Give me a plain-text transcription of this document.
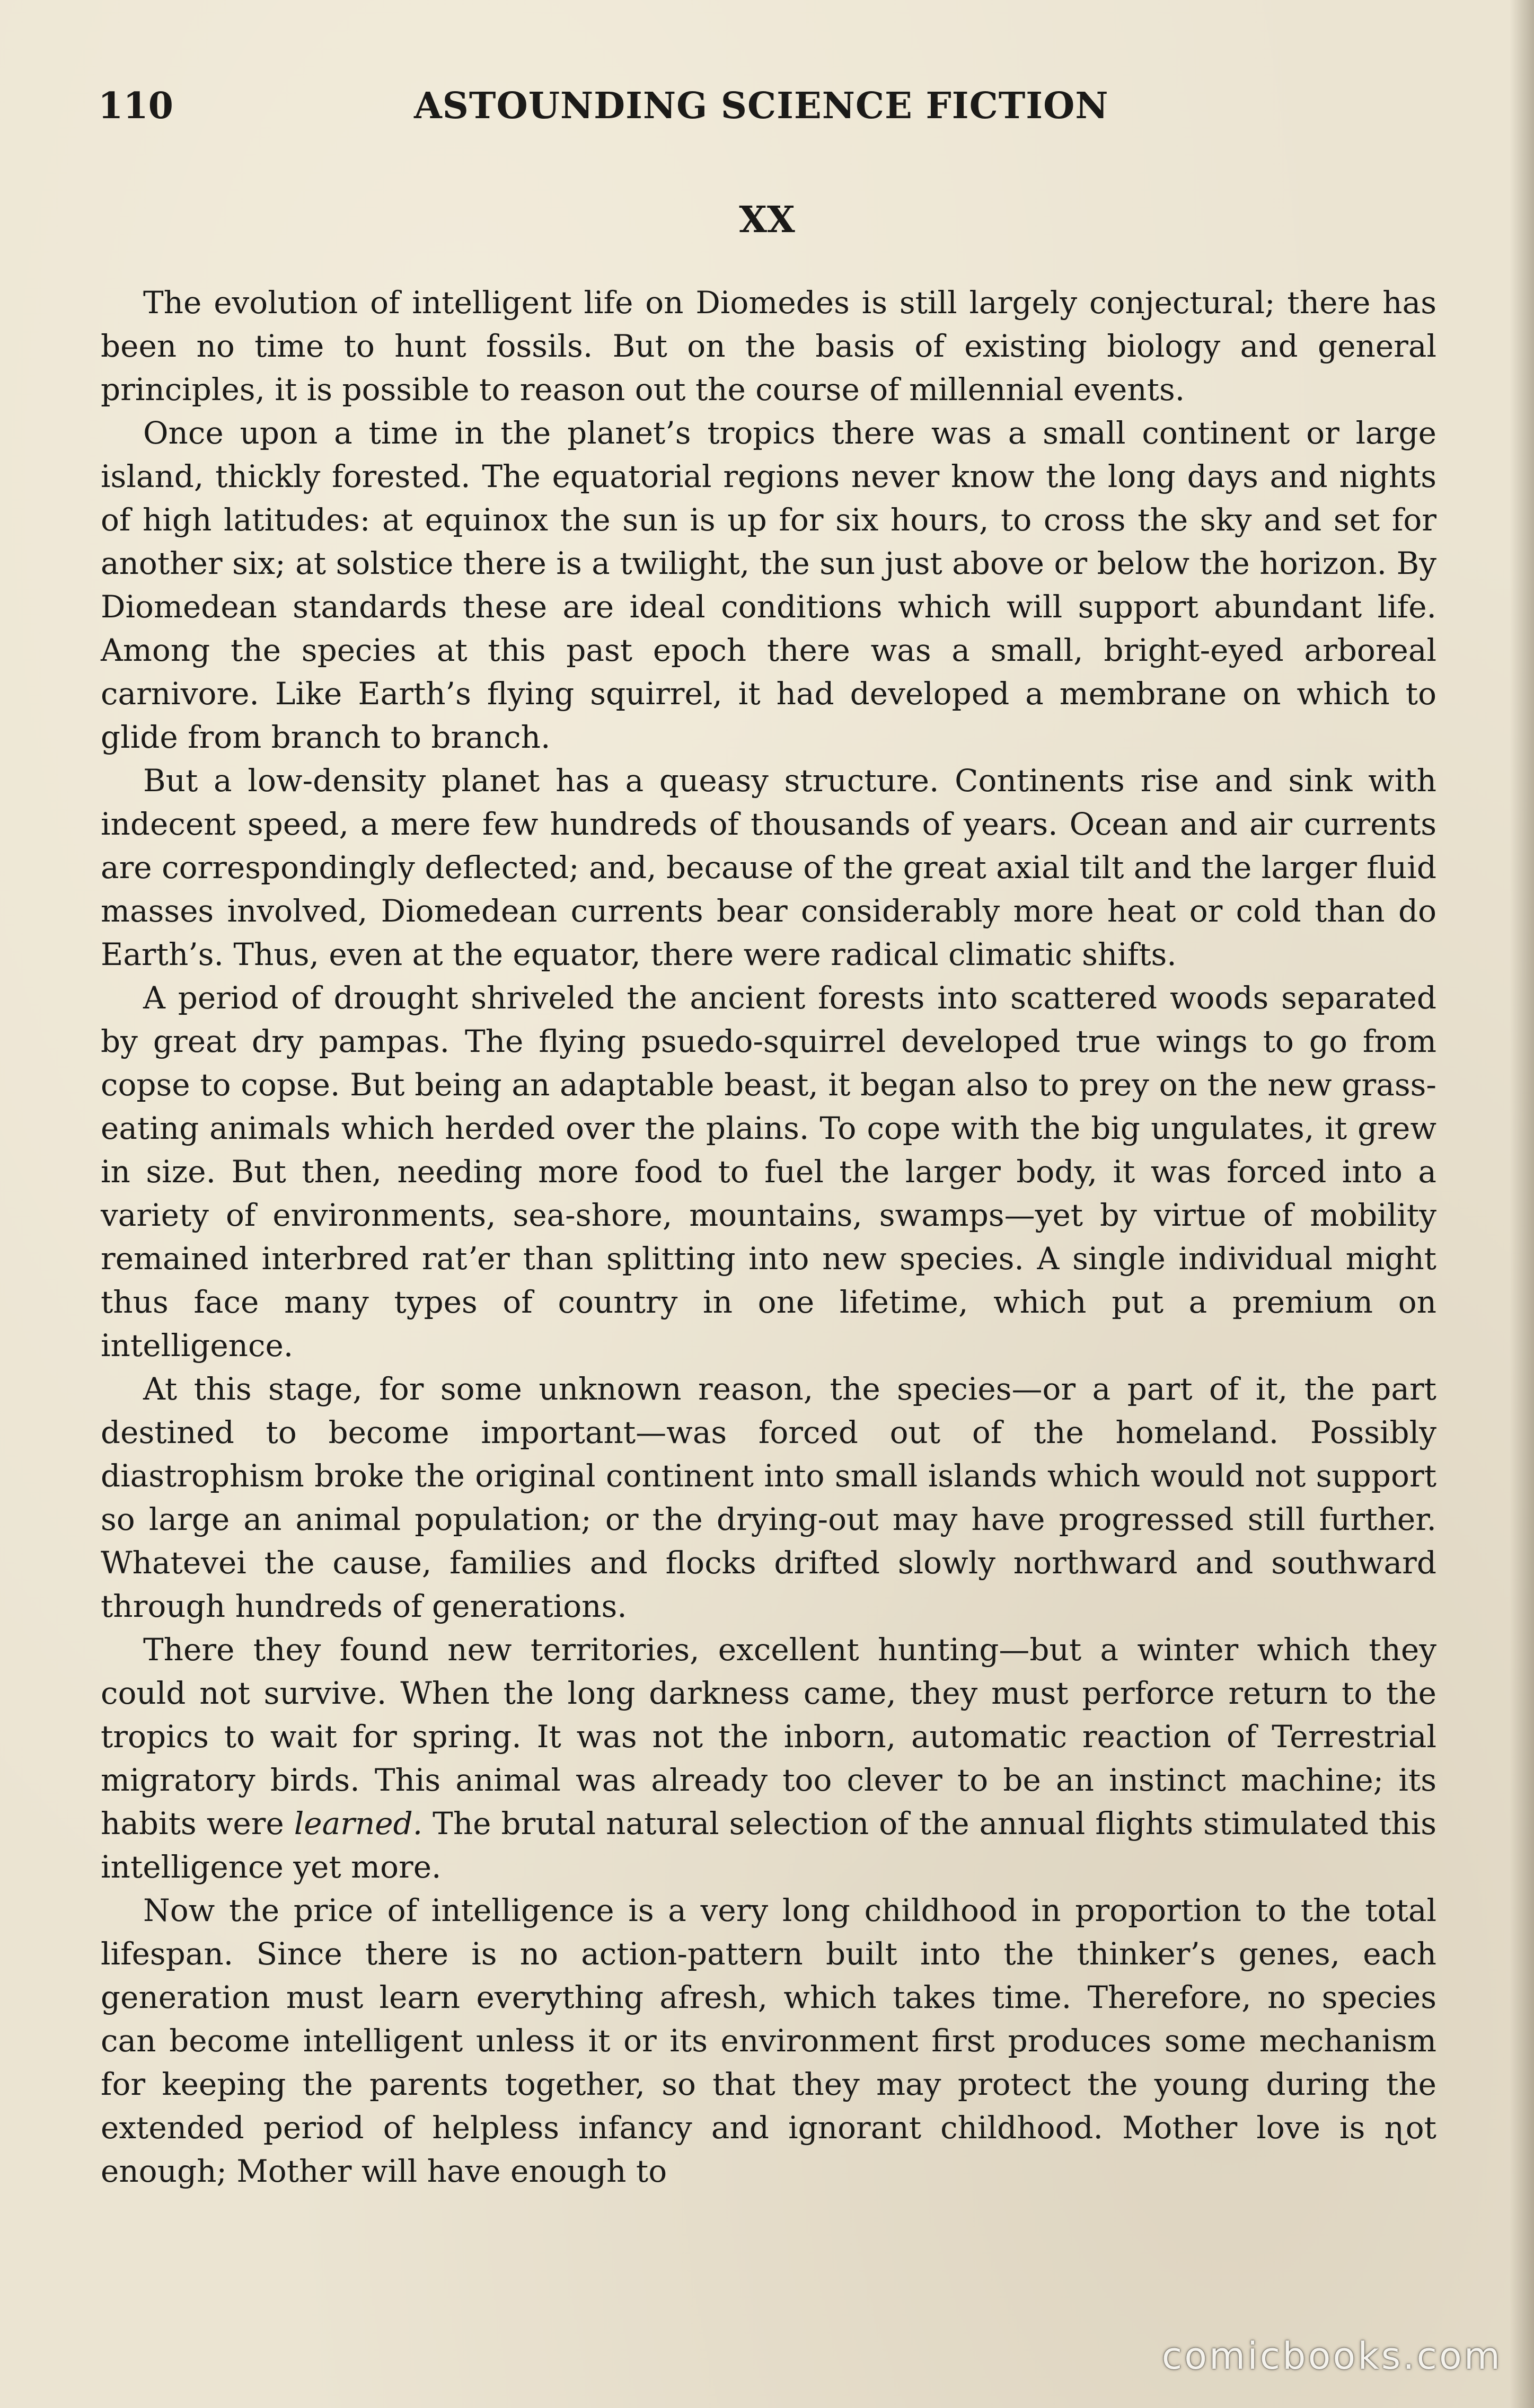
110	ASTOUNDING SCIENCE FICTION
XX

The evolution of intelligent life on Diomedes is still largely conjectural; there has been no time to hunt fossils. But on the basis of existing biology and general principles, it is possible to reason out the course of millennial events.

Once upon a time in the planet’s tropics there was a small continent or large island, thickly forested. The equatorial regions never know the long days and nights of high latitudes: at equinox the sun is up for six hours, to cross the sky and set for another six; at solstice there is a twilight, the sun just above or below the horizon. By Diomedean standards these are ideal conditions which will support abundant life. Among the species at this past epoch there was a small, bright-eyed arboreal carnivore. Like Earth’s flying squirrel, it had developed a membrane on which to glide from branch to branch.

But a low-density planet has a queasy structure. Continents rise and sink with indecent speed, a mere few hundreds of thousands of years. Ocean and air currents are correspondingly deflected; and, because of the great axial tilt and the larger fluid masses involved, Diomedean currents bear considerably more heat or cold than do Earth’s. Thus, even at the equator, there were radical climatic shifts.

A period of drought shriveled the ancient forests into scattered woods separated by great dry pampas. The flying psuedo-squirrel developed true wings to go from copse to copse. But being an adaptable beast, it began also to prey on the new grass-eating animals which herded over the plains. To cope with the big ungulates, it grew in size. But then, needing more food to fuel the larger body, it was forced into a variety of environments, sea-shore, mountains, swamps—yet by virtue of mobility remained interbred ratʼer than splitting into new species. A single individual might thus face many types of country in one lifetime, which put a premium on intelligence.

At this stage, for some unknown reason, the species—or a part of it, the part destined to become important—was forced out of the homeland. Possibly diastrophism broke the original continent into small islands which would not support so large an animal population; or the drying-out may have progressed still further. Whatevei the cause, families and flocks drifted slowly northward and southward through hundreds of generations.

There they found new territories, excellent hunting—but a winter which they could not survive. When the long darkness came, they must perforce return to the tropics to wait for spring. It was not the inborn, automatic reaction of Terrestrial migratory birds. This animal was already too clever to be an instinct machine; its habits were learned. The brutal natural selection of the annual flights stimulated this intelligence yet more.

Now the price of intelligence is a very long childhood in proportion to the total lifespan. Since there is no action-pattern built into the thinker’s genes, each generation must learn everything afresh, which takes time. Therefore, no species can become intelligent unless it or its environment first produces some mechanism for keeping the parents together, so that they may protect the young during the extended period of helpless infancy and ignorant childhood. Mother love is ɳot enough; Mother will have enough to

comicbooks.com
